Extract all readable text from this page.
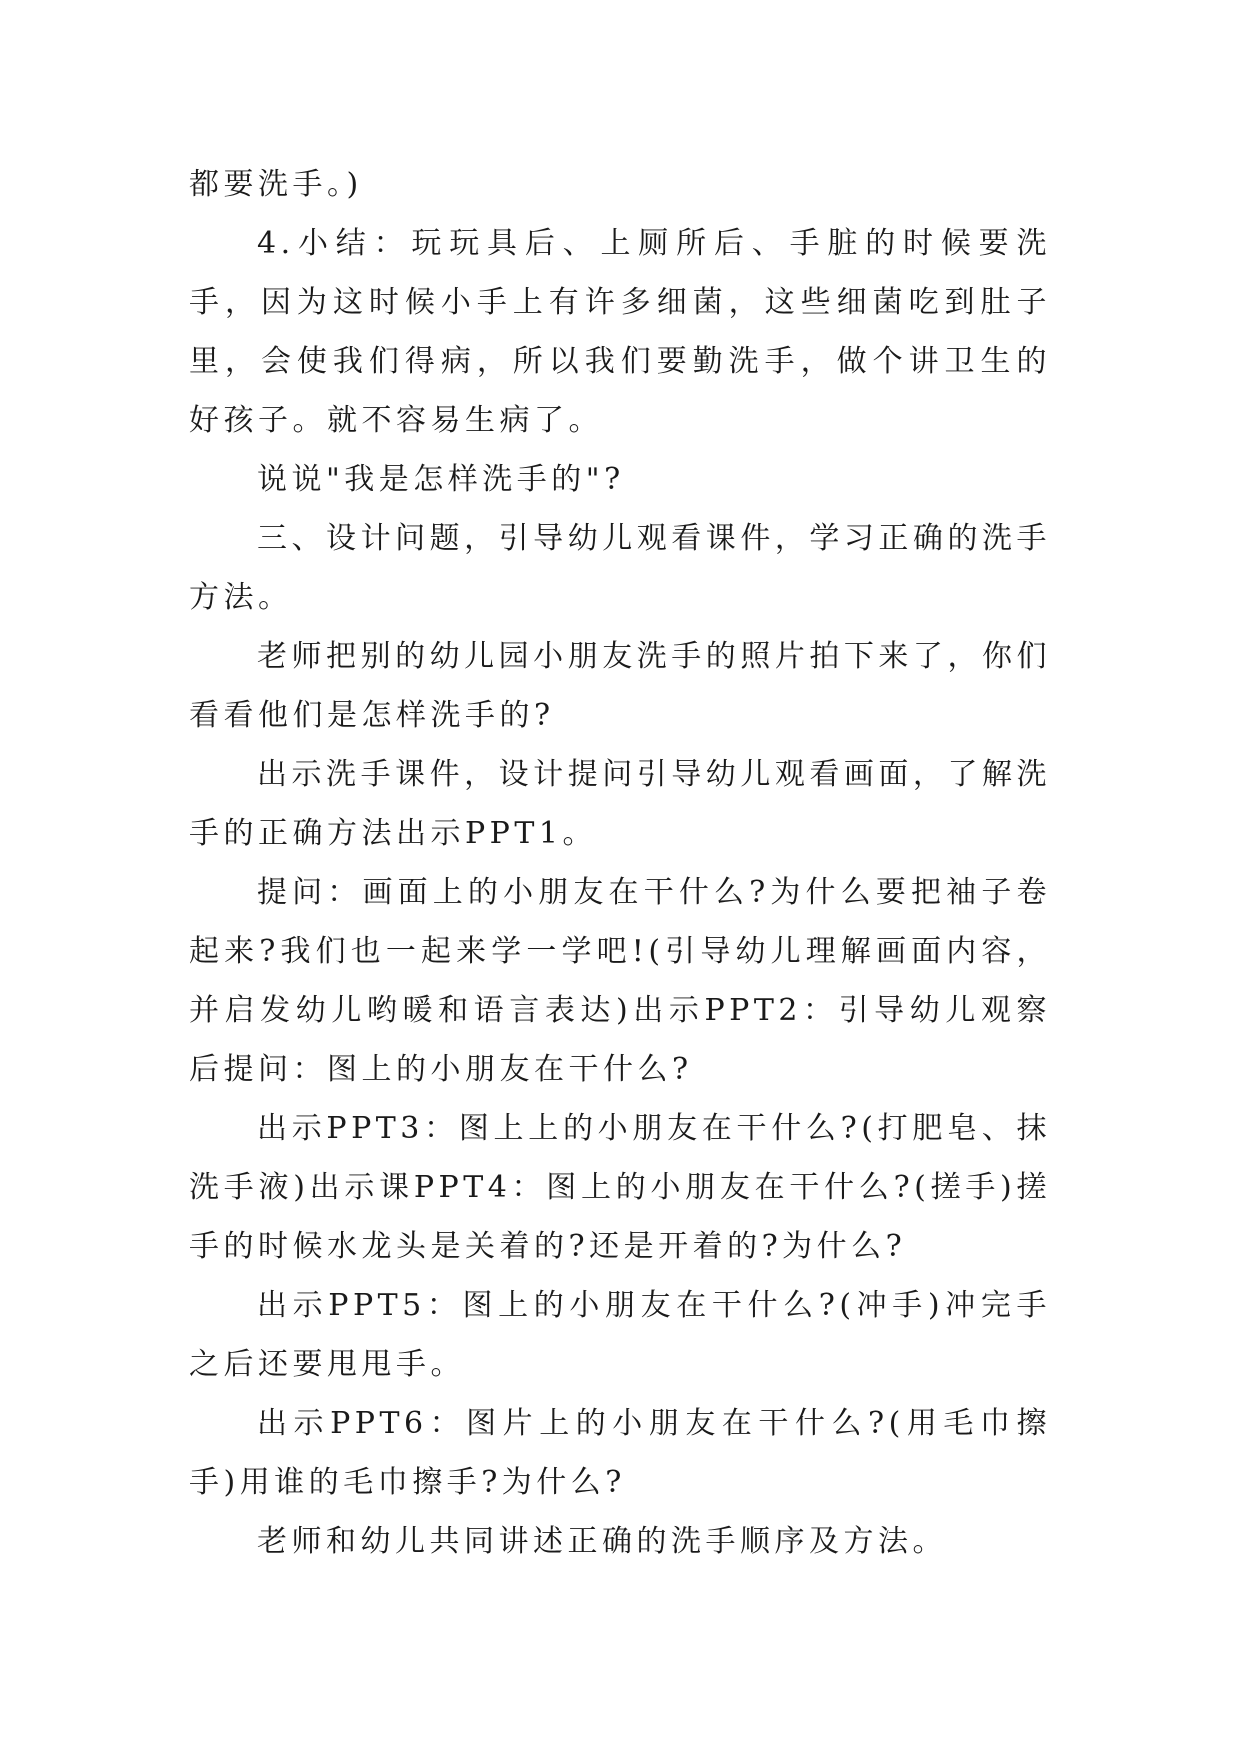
都要洗手。)

4.小结：玩玩具后、上厕所后、手脏的时候要洗手，因为这时候小手上有许多细菌，这些细菌吃到肚子里，会使我们得病，所以我们要勤洗手，做个讲卫生的好孩子。就不容易生病了。

说说"我是怎样洗手的"?

三、设计问题，引导幼儿观看课件，学习正确的洗手方法。

老师把别的幼儿园小朋友洗手的照片拍下来了，你们看看他们是怎样洗手的?

出示洗手课件，设计提问引导幼儿观看画面，了解洗手的正确方法出示PPT1。

提问：画面上的小朋友在干什么?为什么要把袖子卷起来?我们也一起来学一学吧!(引导幼儿理解画面内容，并启发幼儿哟暖和语言表达)出示PPT2：引导幼儿观察后提问：图上的小朋友在干什么?

出示PPT3：图上上的小朋友在干什么?(打肥皂、抹洗手液)出示课PPT4：图上的小朋友在干什么?(搓手)搓手的时候水龙头是关着的?还是开着的?为什么?

出示PPT5：图上的小朋友在干什么?(冲手)冲完手之后还要甩甩手。

出示PPT6：图片上的小朋友在干什么?(用毛巾擦手)用谁的毛巾擦手?为什么?

老师和幼儿共同讲述正确的洗手顺序及方法。
